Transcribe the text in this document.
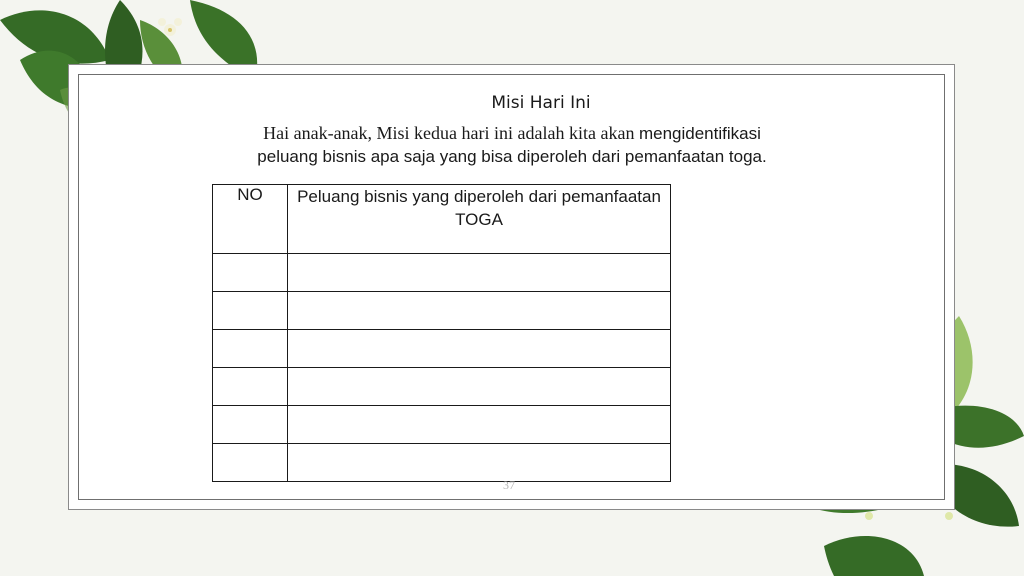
Misi Hari Ini
Hai anak-anak, Misi kedua hari ini adalah kita akan mengidentifikasi
peluang bisnis apa saja yang bisa diperoleh dari pemanfaatan toga.
NO	Peluang bisnis yang diperoleh dari pemanfaatan TOGA

37
